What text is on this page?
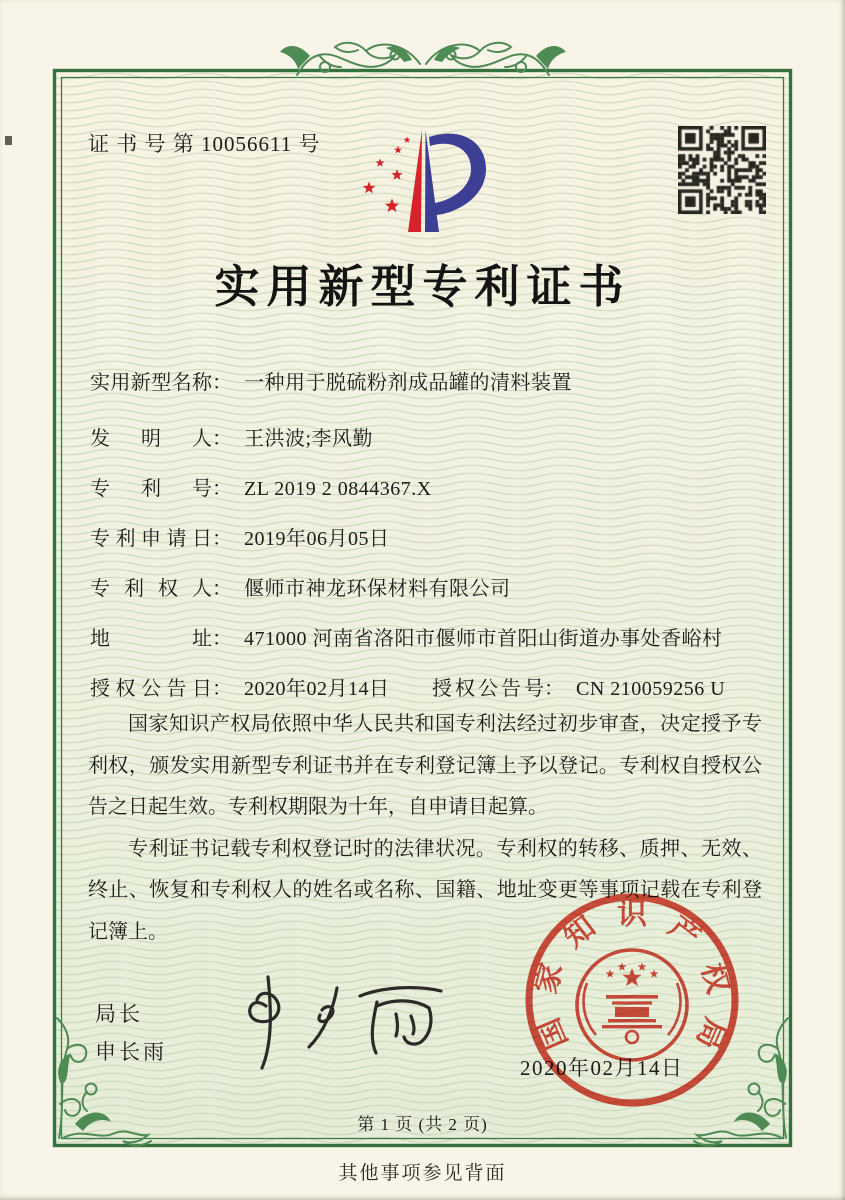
证 书 号 第 10056611 号
实用新型专利证书
实用新型名称： 一种用于脱硫粉剂成品罐的清料装置
发明人： 王洪波;李风勤
专利号： ZL 2019 2 0844367.X
专利申请日： 2019年06月05日
专利权人： 偃师市神龙环保材料有限公司
地址： 471000 河南省洛阳市偃师市首阳山街道办事处香峪村
授权公告日： 2020年02月14日 授权公告号： CN 210059256 U

国家知识产权局依照中华人民共和国专利法经过初步审查，决定授予专利权，颁发实用新型专利证书并在专利登记簿上予以登记。专利权自授权公告之日起生效。专利权期限为十年，自申请日起算。

专利证书记载专利权登记时的法律状况。专利权的转移、质押、无效、终止、恢复和专利权人的姓名或名称、国籍、地址变更等事项记载在专利登记簿上。

局长
申长雨
2020年02月14日
国
家
知 识 产
权
局
第 1 页 (共 2 页)
其他事项参见背面
